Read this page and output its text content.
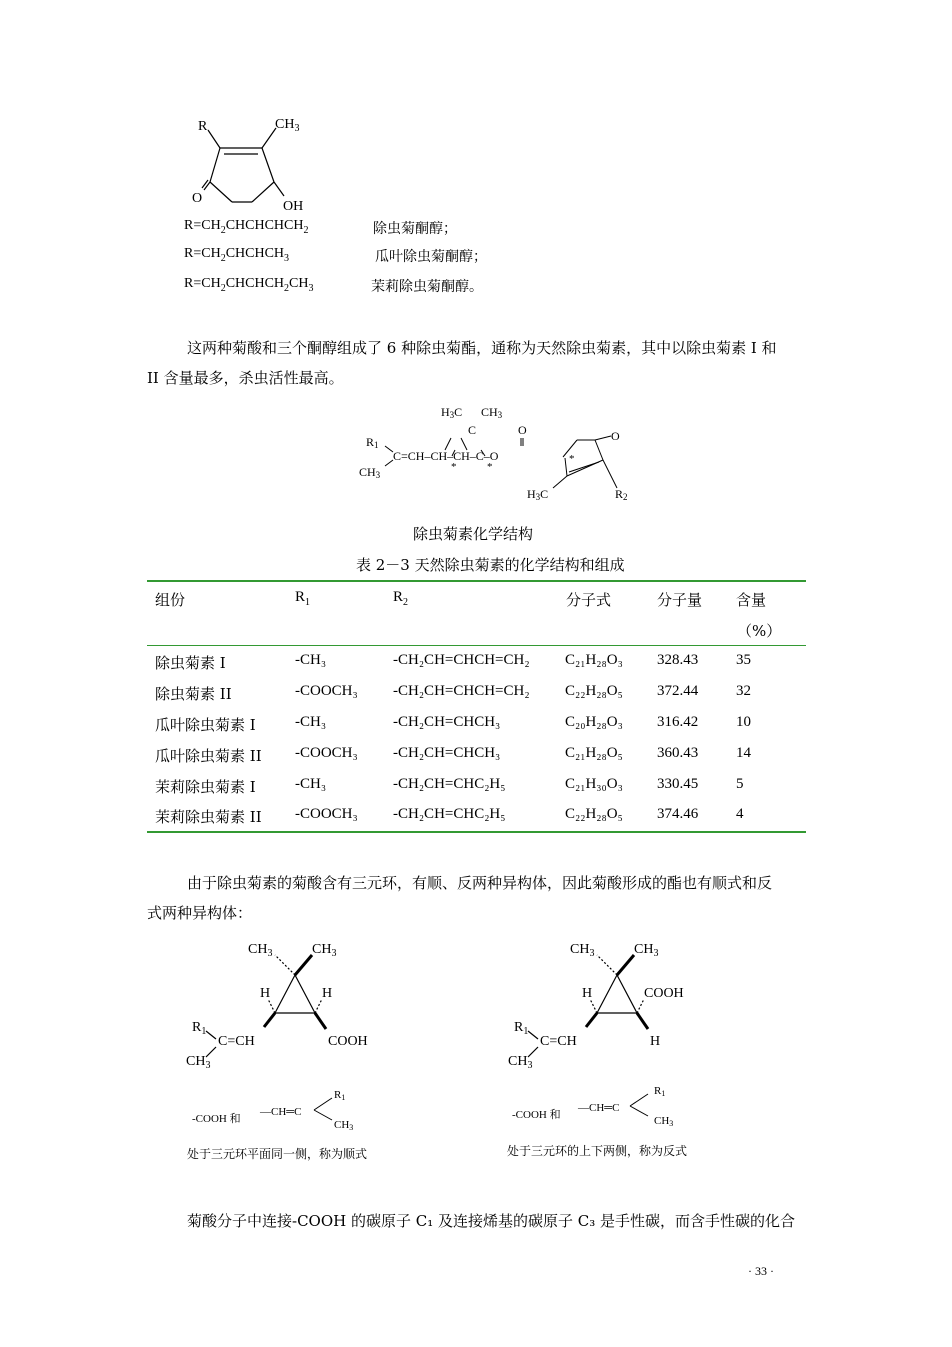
R	$CH_3$
O
OH
$R=CH_2CHCHCHCH_2$	除虫菊酮醇；
$R=CH_2CHCHCH_3$	瓜叶除虫菊酮醇；
$R=CH_2CHCHCH_2CH_3$	茉莉除虫菊酮醇。
这两种菊酸和三个酮醇组成了 6 种除虫菊酯，通称为天然除虫菊素，其中以除虫菊素 I 和
II 含量最多，杀虫活性最高。
H3C CH3
C	O
R1
C=CH–CH–CH–C–O
CH3
*	*
*
O
H3C	R2
除虫菊素化学结构
表 2－3 天然除虫菊素的化学结构和组成
组份	$R_1$	$R_2$	分子式	分子量 含量
（%）
除虫菊素 I	-CH₃	-CH₂CH=CHCH=CH₂ C₂₁H₂₈O₃ 328.43	35
除虫菊素 II	-COOCH₃ -CH₂CH=CHCH=CH₂ C₂₂H₂₈O₅ 372.44	32
瓜叶除虫菊素 I	-CH₃	-CH₂CH=CHCH₃	C₂₀H₂₈O₃ 316.42	10
瓜叶除虫菊素 II -COOCH₃ -CH₂CH=CHCH₃	C₂₁H₂₈O₅ 360.43	14
茉莉除虫菊素 I	-CH₃	-CH₂CH=CHC₂H₅	C₂₁H₃₀O₃ 330.45	5
茉莉除虫菊素 II -COOCH₃ -CH₂CH=CHC₂H₅	C₂₂H₂₈O₅ 374.46	4
由于除虫菊素的菊酸含有三元环，有顺、反两种异构体，因此菊酸形成的酯也有顺式和反
式两种异构体：
$CH_3$	$CH_3$
H	H
$R_1$
C=CH	COOH
$CH_3$
-COOH 和
—CH═C
R1
CH3
处于三元环平面同一侧，称为顺式
$CH_3$	$CH_3$
H	COOH
$R_1$
C=CH	H
$CH_3$
-COOH 和
—CH═C
R1
CH3
处于三元环的上下两侧，称为反式
菊酸分子中连接-COOH 的碳原子 C₁ 及连接烯基的碳原子 C₃ 是手性碳，而含手性碳的化合
· 33 ·
